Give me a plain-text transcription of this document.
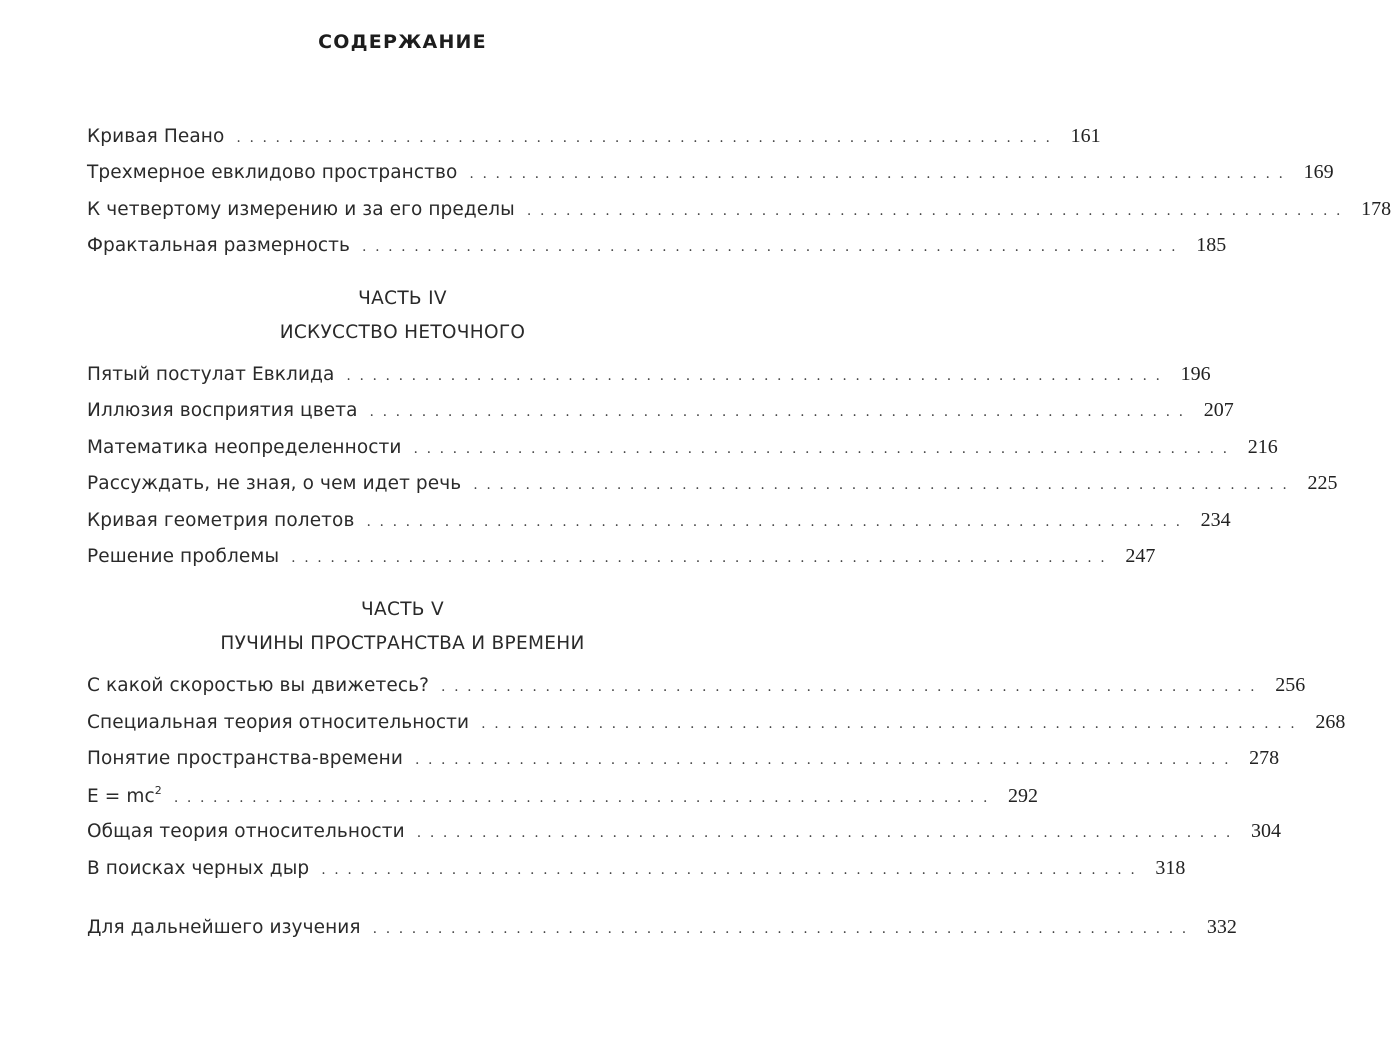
СОДЕРЖАНИЕ
Кривая Пеано ............................................................... 161
Трехмерное евклидово пространство ............................................................... 169
К четвертому измерению и за его пределы ............................................................... 178
Фрактальная размерность ............................................................... 185
ЧАСТЬ IV
ИСКУССТВО НЕТОЧНОГО
Пятый постулат Евклида ............................................................... 196
Иллюзия восприятия цвета ............................................................... 207
Математика неопределенности ............................................................... 216
Рассуждать, не зная, о чем идет речь ............................................................... 225
Кривая геометрия полетов ............................................................... 234
Решение проблемы ............................................................... 247
ЧАСТЬ V
ПУЧИНЫ ПРОСТРАНСТВА И ВРЕМЕНИ
С какой скоростью вы движетесь? ............................................................... 256
Специальная теория относительности ............................................................... 268
Понятие пространства-времени ............................................................... 278
$E = mc^2$ ............................................................... 292
Общая теория относительности ............................................................... 304
В поисках черных дыр ............................................................... 318
Для дальнейшего изучения ............................................................... 332
